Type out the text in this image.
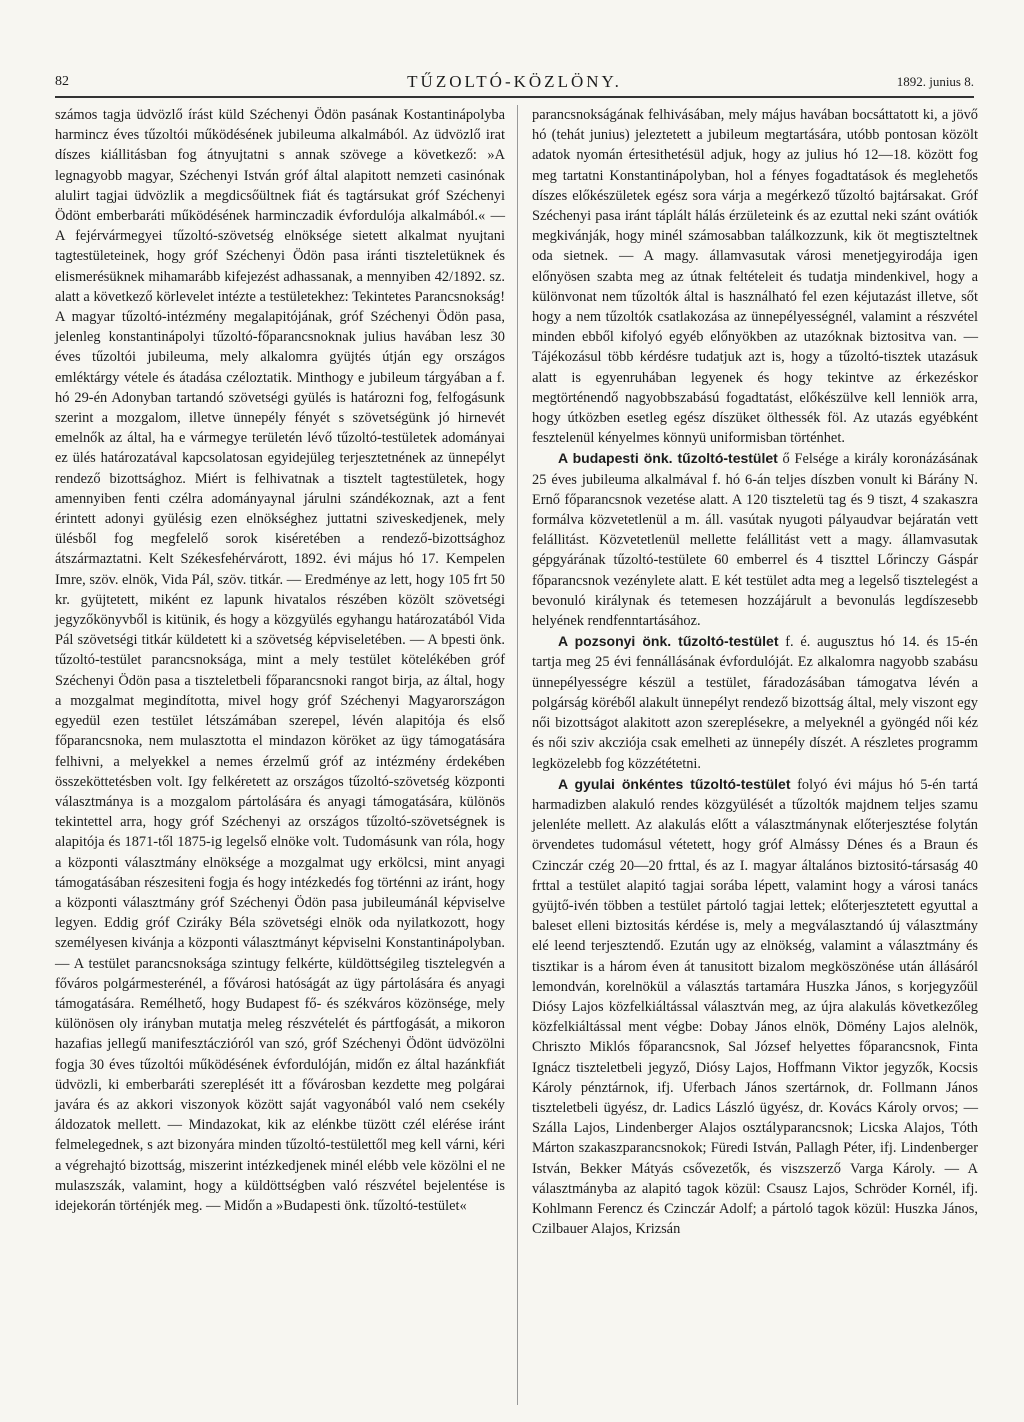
82	TŰZOLTÓ-KÖZLÖNY.	1892. junius 8.

számos tagja üdvözlő írást küld Széchenyi Ödön pasának Kostantinápolyba harmincz éves tűzoltói működésének jubileuma alkalmából. Az üdvözlő irat díszes kiállitásban fog átnyujtatni s annak szövege a következő: »A legnagyobb magyar, Széchenyi István gróf által alapitott nemzeti casinónak alulirt tagjai üdvözlik a megdicsőültnek fiát és tagtársukat gróf Széchenyi Ödönt emberbaráti működésének harminczadik évfordulója alkalmából.« — A fejérvármegyei tűzoltó-szövetség elnöksége sietett alkalmat nyujtani tagtestületeinek, hogy gróf Széchenyi Ödön pasa iránti tiszteletüknek és elismerésüknek mihamarább kifejezést adhassanak, a mennyiben 42/1892. sz. alatt a következő körlevelet intézte a testületekhez: Tekintetes Parancsnokság! A magyar tűzoltó-intézmény megalapitójának, gróf Széchenyi Ödön pasa, jelenleg konstantinápolyi tűzoltó-főparancsnoknak julius havában lesz 30 éves tűzoltói jubileuma, mely alkalomra gyüjtés útján egy országos emléktárgy vétele és átadása czéloztatik. Minthogy e jubileum tárgyában a f. hó 29-én Adonyban tartandó szövetségi gyülés is határozni fog, felfogásunk szerint a mozgalom, illetve ünnepély fényét s szövetségünk jó hirnevét emelnők az által, ha e vármegye területén lévő tűzoltó-testületek adományai ez ülés határozatával kapcsolatosan egyidejüleg terjesztetnének az ünnepélyt rendező bizottsághoz. Miért is felhivatnak a tisztelt tagtestületek, hogy amennyiben fenti czélra adományaynal járulni szándékoznak, azt a fent érintett adonyi gyülésig ezen elnökséghez juttatni sziveskedjenek, mely ülésből fog megfelelő sorok kiséretében a rendező-bizottsághoz átszármaztatni. Kelt Székesfehérvárott, 1892. évi május hó 17. Kempelen Imre, szöv. elnök, Vida Pál, szöv. titkár. — Eredménye az lett, hogy 105 frt 50 kr. gyüjtetett, miként ez lapunk hivatalos részében közölt szövetségi jegyzőkönyvből is kitünik, és hogy a közgyülés egyhangu határozatából Vida Pál szövetségi titkár küldetett ki a szövetség képviseletében. — A bpesti önk. tűzoltó-testület parancsnoksága, mint a mely testület kötelékében gróf Széchenyi Ödön pasa a tiszteletbeli főparancsnoki rangot birja, az által, hogy a mozgalmat megindította, mivel hogy gróf Széchenyi Magyarországon egyedül ezen testület létszámában szerepel, lévén alapitója és első főparancsnoka, nem mulasztotta el mindazon köröket az ügy támogatására felhivni, a melyekkel a nemes érzelmű gróf az intézmény érdekében összeköttetésben volt. Igy felkéretett az országos tűzoltó-szövetség központi választmánya is a mozgalom pártolására és anyagi támogatására, különös tekintettel arra, hogy gróf Széchenyi az országos tűzoltó-szövetségnek is alapitója és 1871-től 1875-ig legelső elnöke volt. Tudomásunk van róla, hogy a központi választmány elnöksége a mozgalmat ugy erkölcsi, mint anyagi támogatásában részesiteni fogja és hogy intézkedés fog történni az iránt, hogy a központi választmány gróf Széchenyi Ödön pasa jubileumánál képviselve legyen. Eddig gróf Cziráky Béla szövetségi elnök oda nyilatkozott, hogy személyesen kivánja a központi választmányt képviselni Konstantinápolyban. — A testület parancsnoksága szintugy felkérte, küldöttségileg tisztelegvén a főváros polgármesterénél, a fővárosi hatóságát az ügy pártolására és anyagi támogatására. Remélhető, hogy Budapest fő- és székváros közönsége, mely különösen oly irányban mutatja meleg részvételét és pártfogását, a mikoron hazafias jellegű manifesztáczióról van szó, gróf Széchenyi Ödönt üdvözölni fogja 30 éves tűzoltói működésének évfordulóján, midőn ez által hazánkfiát üdvözli, ki emberbaráti szereplését itt a fővárosban kezdette meg polgárai javára és az akkori viszonyok között saját vagyonából való nem csekély áldozatok mellett. — Mindazokat, kik az elénkbe tüzött czél elérése iránt felmelegednek, s azt bizonyára minden tűzoltó-testülettől meg kell várni, kéri a végrehajtó bizottság, miszerint intézkedjenek minél elébb vele közölni el ne mulaszszák, valamint, hogy a küldöttségben való részvétel bejelentése is idejekorán történjék meg. — Midőn a »Budapesti önk. tűzoltó-testület«

parancsnokságának felhivásában, mely május havában bocsáttatott ki, a jövő hó (tehát junius) jeleztetett a jubileum megtartására, utóbb pontosan közölt adatok nyomán értesithetésül adjuk, hogy az julius hó 12—18. között fog meg tartatni Konstantinápolyban, hol a fényes fogadtatások és meglehetős díszes előkészületek egész sora várja a megérkező tűzoltó bajtársakat. Gróf Széchenyi pasa iránt táplált hálás érzületeink és az ezuttal neki szánt ovátiók megkivánják, hogy minél számosabban találkozzunk, kik öt megtiszteltnek oda sietnek. — A magy. államvasutak városi menetjegyirodája igen előnyösen szabta meg az útnak feltételeit és tudatja mindenkivel, hogy a különvonat nem tűzoltók által is használható fel ezen kéjutazást illetve, sőt hogy a nem tűzoltók csatlakozása az ünnepélyességnél, valamint a részvétel minden ebből kifolyó egyéb előnyökben az utazóknak biztositva van. — Tájékozásul több kérdésre tudatjuk azt is, hogy a tűzoltó-tisztek utazásuk alatt is egyenruhában legyenek és hogy tekintve az érkezéskor megtörténendő nagyobbszabású fogadtatást, előkészülve kell lenniök arra, hogy útközben esetleg egész díszüket ölthessék föl. Az utazás egyébként fesztelenül kényelmes könnyü uniformisban történhet.

A budapesti önk. tűzoltó-testület ő Felsége a király koronázásának 25 éves jubileuma alkalmával f. hó 6-án teljes díszben vonult ki Bárány N. Ernő főparancsnok vezetése alatt. A 120 tiszteletü tag és 9 tiszt, 4 szakaszra formálva közvetetlenül a m. áll. vasútak nyugoti pályaudvar bejáratán vett felállitást. Közvetetlenül mellette felállitást vett a magy. államvasutak gépgyárának tűzoltó-testülete 60 emberrel és 4 tiszttel Lőrinczy Gáspár főparancsnok vezénylete alatt. E két testület adta meg a legelső tisztelegést a bevonuló királynak és tetemesen hozzájárult a bevonulás legdíszesebb helyének rendfenntartásához.

A pozsonyi önk. tűzoltó-testület f. é. augusztus hó 14. és 15-én tartja meg 25 évi fennállásának évfordulóját. Ez alkalomra nagyobb szabásu ünnepélyességre készül a testület, fáradozásában támogatva lévén a polgárság köréből alakult ünnepélyt rendező bizottság által, mely viszont egy női bizottságot alakitott azon szereplésekre, a melyeknél a gyöngéd női kéz és női sziv akcziója csak emelheti az ünnepély díszét. A részletes programm legközelebb fog közzététetni.

A gyulai önkéntes tűzoltó-testület folyó évi május hó 5-én tartá harmadizben alakuló rendes közgyülését a tűzoltók majdnem teljes szamu jelenléte mellett. Az alakulás előtt a választmánynak előterjesztése folytán örvendetes tudomásul vétetett, hogy gróf Almássy Dénes és a Braun és Czinczár czég 20—20 frttal, és az I. magyar általános biztositó-társaság 40 frttal a testület alapitó tagjai sorába lépett, valamint hogy a városi tanács gyüjtő-ivén többen a testület pártoló tagjai lettek; előterjesztetett egyuttal a baleset elleni biztositás kérdése is, mely a megválasztandó új választmány elé leend terjesztendő. Ezután ugy az elnökség, valamint a választmány és tisztikar is a három éven át tanusitott bizalom megköszönése után állásáról lemondván, korelnökül a választás tartamára Huszka János, s korjegyzőül Diósy Lajos közfelkiáltással választván meg, az újra alakulás következőleg közfelkiáltással ment végbe: Dobay János elnök, Dömény Lajos alelnök, Chriszto Miklós főparancsnok, Sal József helyettes főparancsnok, Finta Ignácz tiszteletbeli jegyző, Diósy Lajos, Hoffmann Viktor jegyzők, Kocsis Károly pénztárnok, ifj. Uferbach János szertárnok, dr. Follmann János tiszteletbeli ügyész, dr. Ladics László ügyész, dr. Kovács Károly orvos; — Szálla Lajos, Lindenberger Alajos osztályparancsnok; Licska Alajos, Tóth Márton szakaszparancsnokok; Füredi István, Pallagh Péter, ifj. Lindenberger István, Bekker Mátyás csővezetők, és viszszerző Varga Károly. — A választmányba az alapitó tagok közül: Csausz Lajos, Schröder Kornél, ifj. Kohlmann Ferencz és Czinczár Adolf; a pártoló tagok közül: Huszka János, Czilbauer Alajos, Krizsán
